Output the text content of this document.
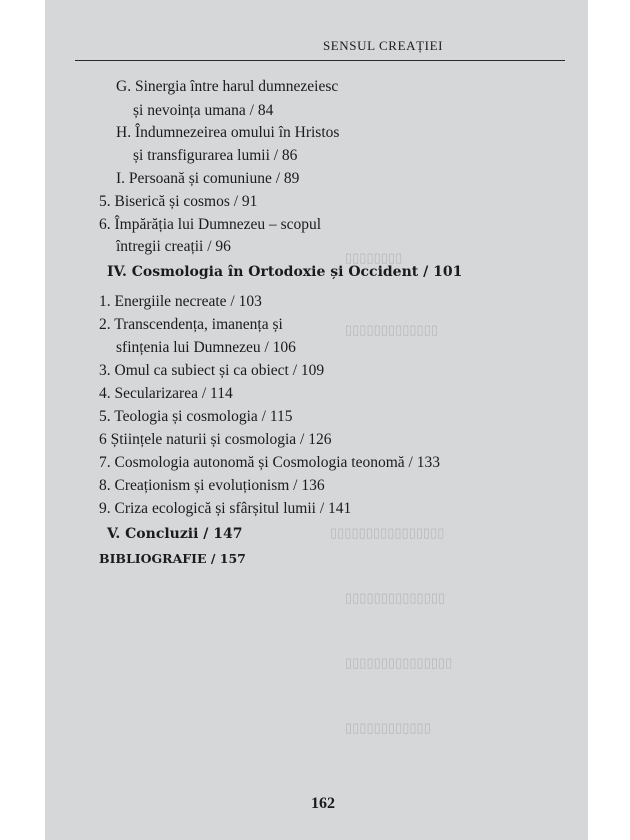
▯▯▯▯▯▯▯▯
▯▯▯▯▯▯▯▯▯▯▯▯▯
▯▯▯▯▯▯▯▯▯▯▯▯▯▯▯▯
▯▯▯▯▯▯▯▯▯▯▯▯▯▯
▯▯▯▯▯▯▯▯▯▯▯▯▯▯▯
▯▯▯▯▯▯▯▯▯▯▯▯
SENSUL CREAȚIEI
G. Sinergia între harul dumnezeiesc
și nevoința umana / 84
H. Îndumnezeirea omului în Hristos
și transfigurarea lumii / 86
I. Persoană și comuniune / 89
5. Biserică și cosmos / 91
6. Împărăția lui Dumnezeu – scopul
întregii creații / 96
IV. Cosmologia în Ortodoxie și Occident / 101
1. Energiile necreate / 103
2. Transcendența, imanența și
sfințenia lui Dumnezeu / 106
3. Omul ca subiect și ca obiect / 109
4. Secularizarea / 114
5. Teologia și cosmologia / 115
6 Științele naturii și cosmologia / 126
7. Cosmologia autonomă și Cosmologia teonomă / 133
8. Creaționism și evoluționism / 136
9. Criza ecologică și sfârșitul lumii / 141
V. Concluzii / 147
BIBLIOGRAFIE / 157
162
